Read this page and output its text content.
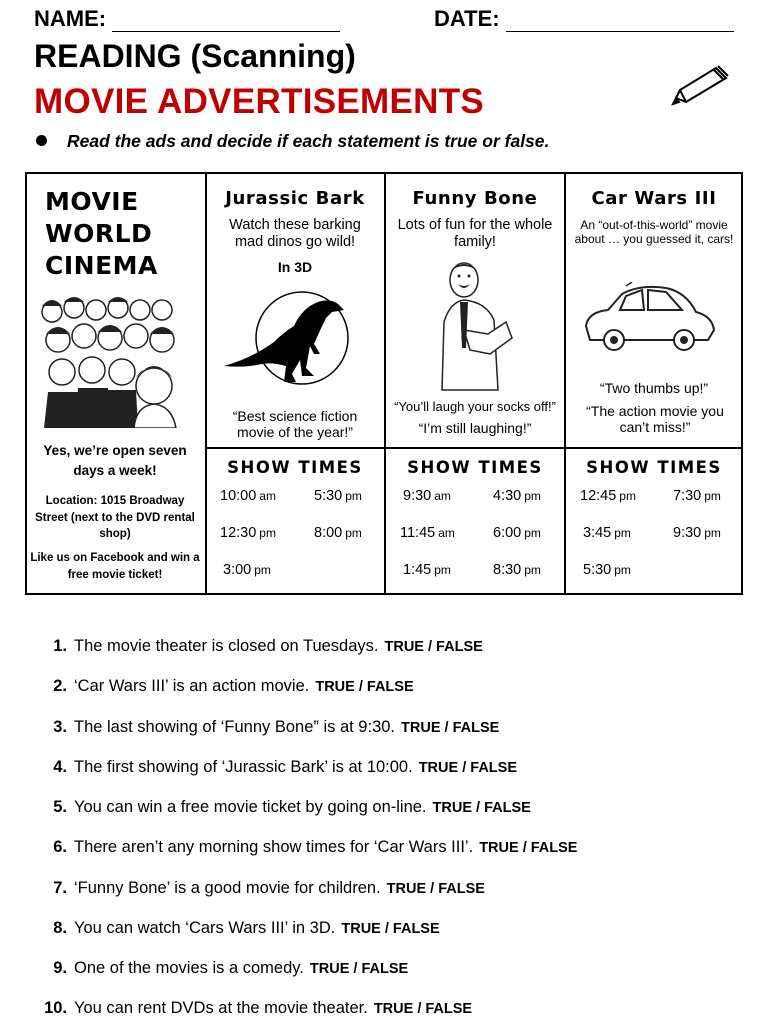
NAME:	DATE:
READING (Scanning)
MOVIE ADVERTISEMENTS
Read the ads and decide if each statement is true or false.
MOVIE
WORLD
CINEMA
Yes, we’re open seven days a week!
Location: 1015 Broadway Street (next to the DVD rental shop)
Like us on Facebook and win a free movie ticket!
Jurassic Bark
Watch these barking mad dinos go wild!
In 3D
“Best science fiction movie of the year!”
Funny Bone
Lots of fun for the whole family!
“You’ll laugh your socks off!”
“I’m still laughing!”
Car Wars III
An “out-of-this-world” movie about … you guessed it, cars!
“Two thumbs up!”
“The action movie you can’t miss!”
SHOW TIMES	SHOW TIMES	SHOW TIMES
10:00 am	5:30 pm
12:30 pm	8:00 pm
3:00 pm
9:30 am	4:30 pm
11:45 am	6:00 pm
1:45 pm	8:30 pm
12:45 pm	7:30 pm
3:45 pm	9:30 pm
5:30 pm
1. The movie theater is closed on Tuesdays. TRUE / FALSE
2. ‘Car Wars III’ is an action movie. TRUE / FALSE
3. The last showing of ‘Funny Bone” is at 9:30. TRUE / FALSE
4. The first showing of ‘Jurassic Bark’ is at 10:00. TRUE / FALSE
5. You can win a free movie ticket by going on-line. TRUE / FALSE
6. There aren’t any morning show times for ‘Car Wars III’. TRUE / FALSE
7. ‘Funny Bone’ is a good movie for children. TRUE / FALSE
8. You can watch ‘Cars Wars III’ in 3D. TRUE / FALSE
9. One of the movies is a comedy. TRUE / FALSE
10. You can rent DVDs at the movie theater. TRUE / FALSE
